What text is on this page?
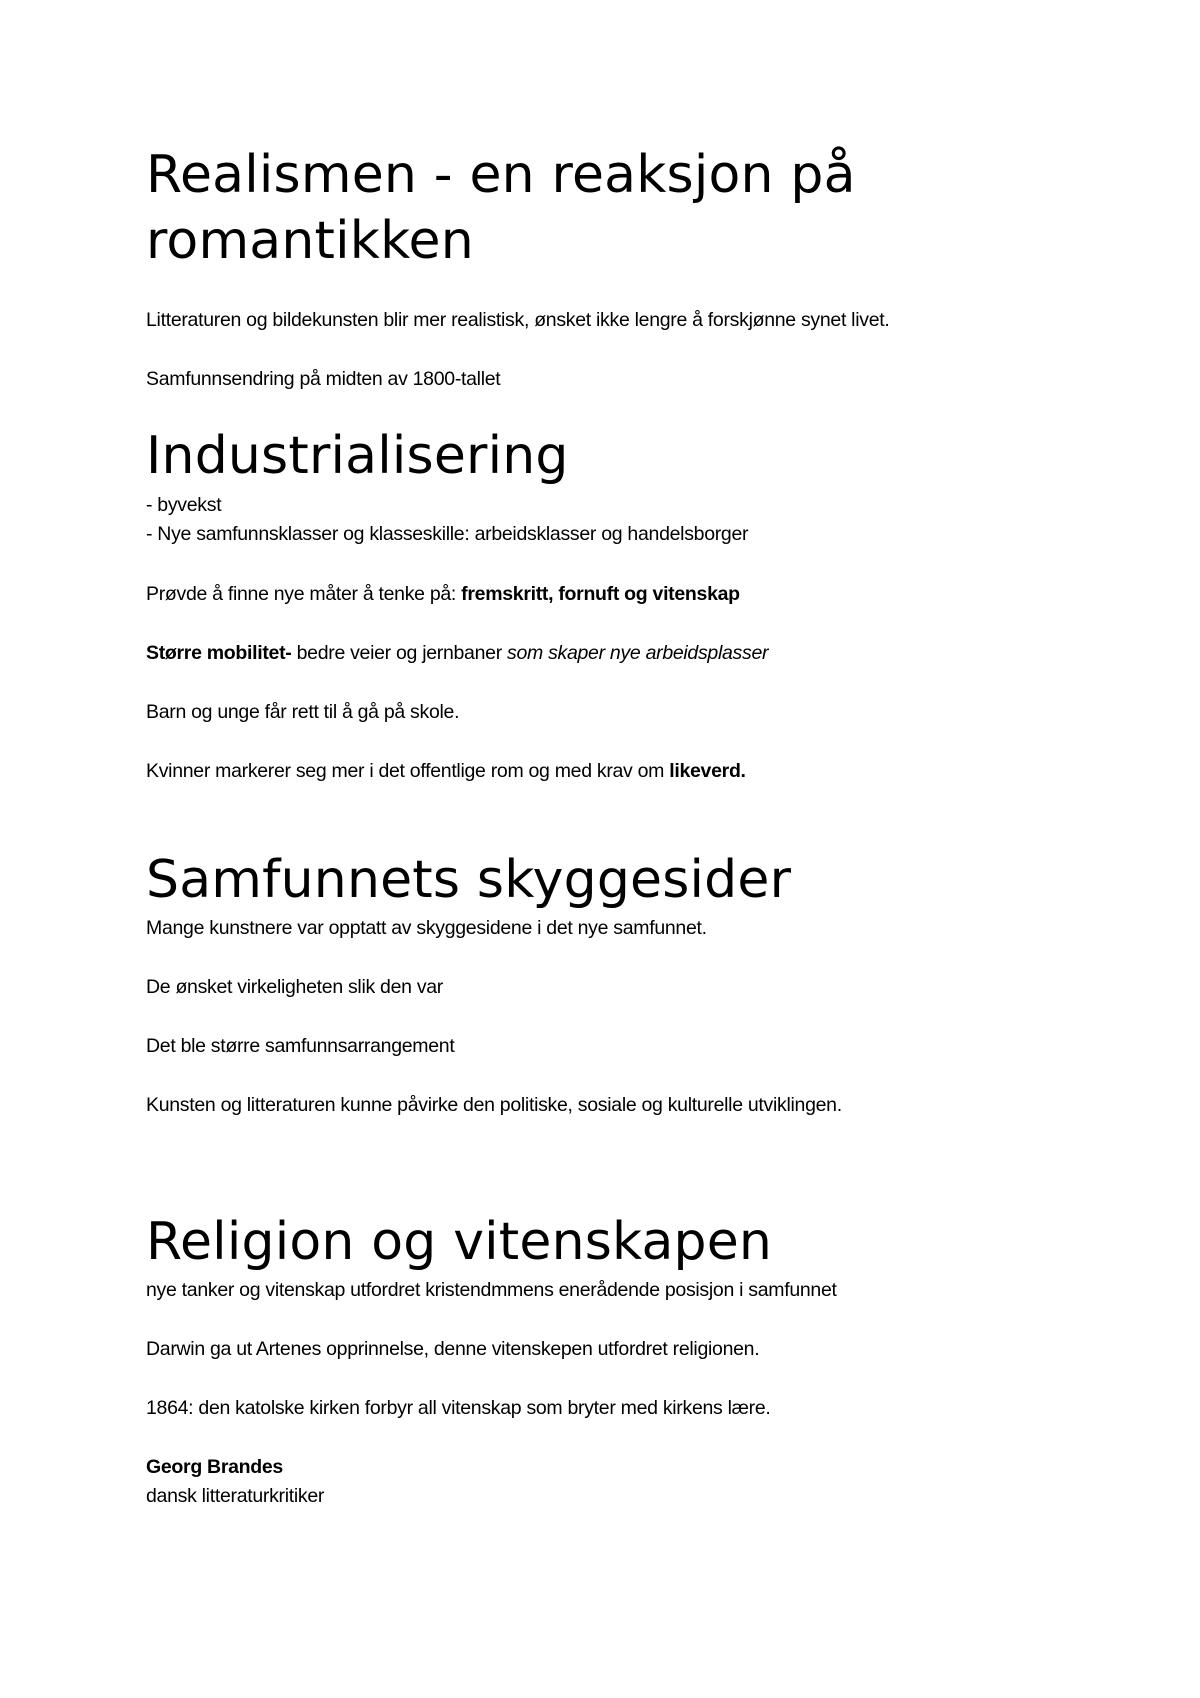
Realismen - en reaksjon på
romantikken

Litteraturen og bildekunsten blir mer realistisk, ønsket ikke lengre å forskjønne synet livet.

Samfunnsendring på midten av 1800-tallet

Industrialisering

- byvekst

- Nye samfunnsklasser og klasseskille: arbeidsklasser og handelsborger

Prøvde å finne nye måter å tenke på: fremskritt, fornuft og vitenskap

Større mobilitet- bedre veier og jernbaner som skaper nye arbeidsplasser

Barn og unge får rett til å gå på skole.

Kvinner markerer seg mer i det offentlige rom og med krav om likeverd.

Samfunnets skyggesider

Mange kunstnere var opptatt av skyggesidene i det nye samfunnet.

De ønsket virkeligheten slik den var

Det ble større samfunnsarrangement

Kunsten og litteraturen kunne påvirke den politiske, sosiale og kulturelle utviklingen.

Religion og vitenskapen

nye tanker og vitenskap utfordret kristendmmens enerådende posisjon i samfunnet

Darwin ga ut Artenes opprinnelse, denne vitenskepen utfordret religionen.

1864: den katolske kirken forbyr all vitenskap som bryter med kirkens lære.

Georg Brandes

dansk litteraturkritiker
